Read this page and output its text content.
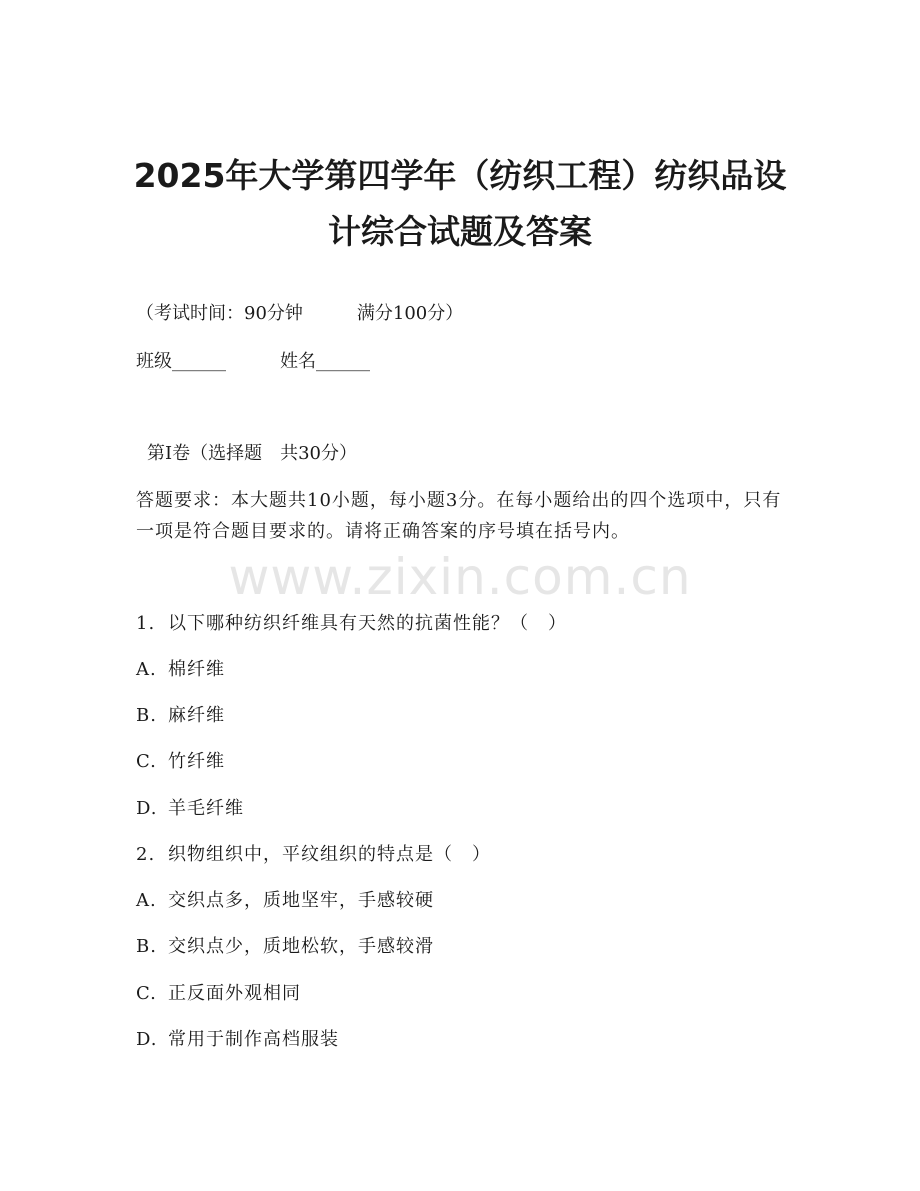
2025年大学第四学年（纺织工程）纺织品设
计综合试题及答案
（考试时间：90分钟	满分100分）
班级______	姓名______
第I卷（选择题　共30分）
答题要求：本大题共10小题，每小题3分。在每小题给出的四个选项中，只有一项是符合题目要求的。请将正确答案的序号填在括号内。
www.zixin.com.cn
1. 以下哪种纺织纤维具有天然的抗菌性能？（　）
A. 棉纤维
B. 麻纤维
C. 竹纤维
D. 羊毛纤维
2. 织物组织中，平纹组织的特点是（　）
A. 交织点多，质地坚牢，手感较硬
B. 交织点少，质地松软，手感较滑
C. 正反面外观相同
D. 常用于制作高档服装
